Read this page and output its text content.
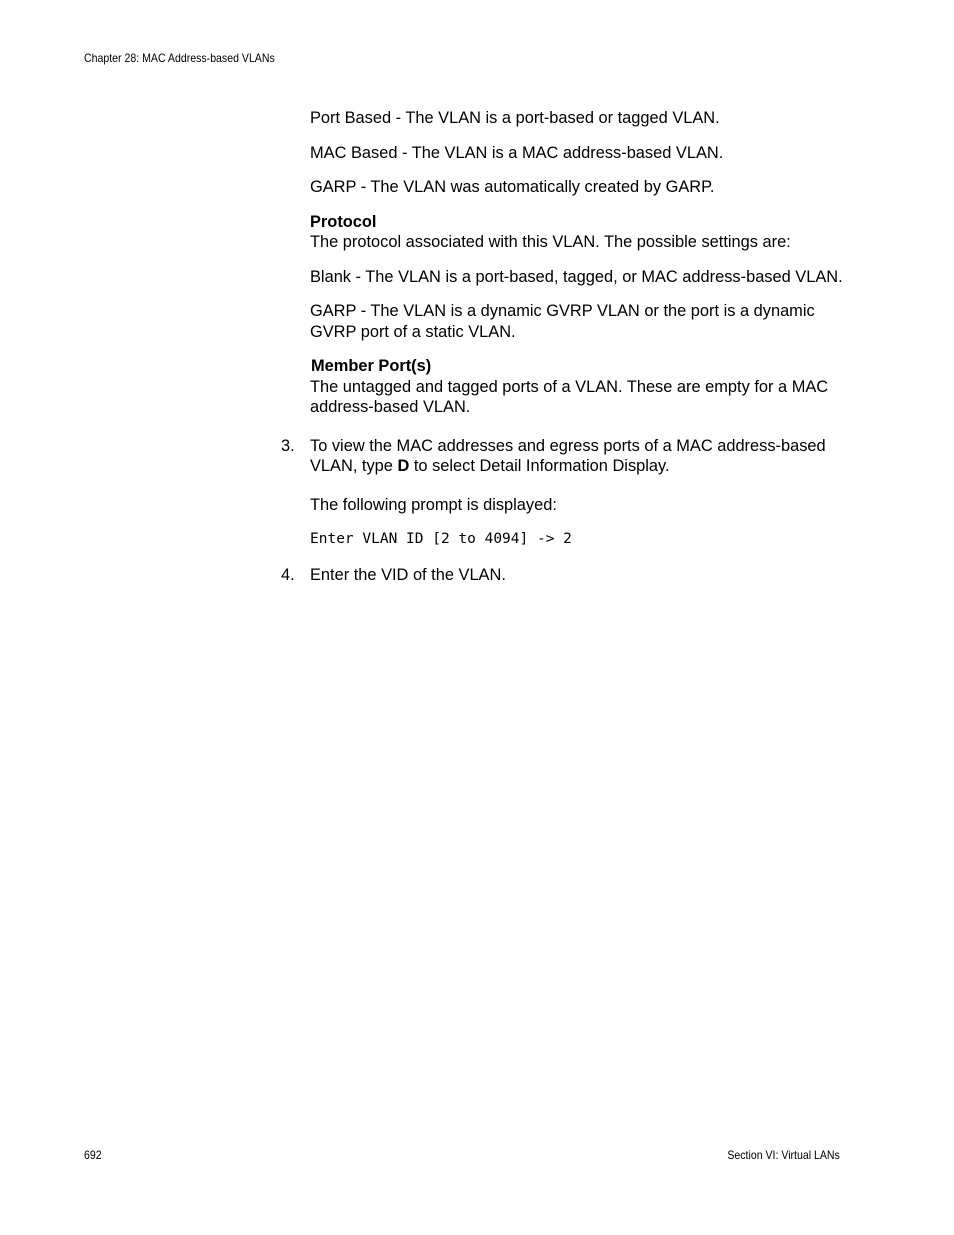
Chapter 28: MAC Address-based VLANs

Port Based - The VLAN is a port-based or tagged VLAN.

MAC Based - The VLAN is a MAC address-based VLAN.

GARP - The VLAN was automatically created by GARP.

Protocol
The protocol associated with this VLAN. The possible settings are:

Blank - The VLAN is a port-based, tagged, or MAC address-based VLAN.

GARP - The VLAN is a dynamic GVRP VLAN or the port is a dynamic GVRP port of a static VLAN.

Member Port(s)
The untagged and tagged ports of a VLAN. These are empty for a MAC address-based VLAN.
3. To view the MAC addresses and egress ports of a MAC address-based VLAN, type D to select Detail Information Display.

The following prompt is displayed:

Enter VLAN ID [2 to 4094] -> 2
4. Enter the VID of the VLAN.
692	Section VI: Virtual LANs
